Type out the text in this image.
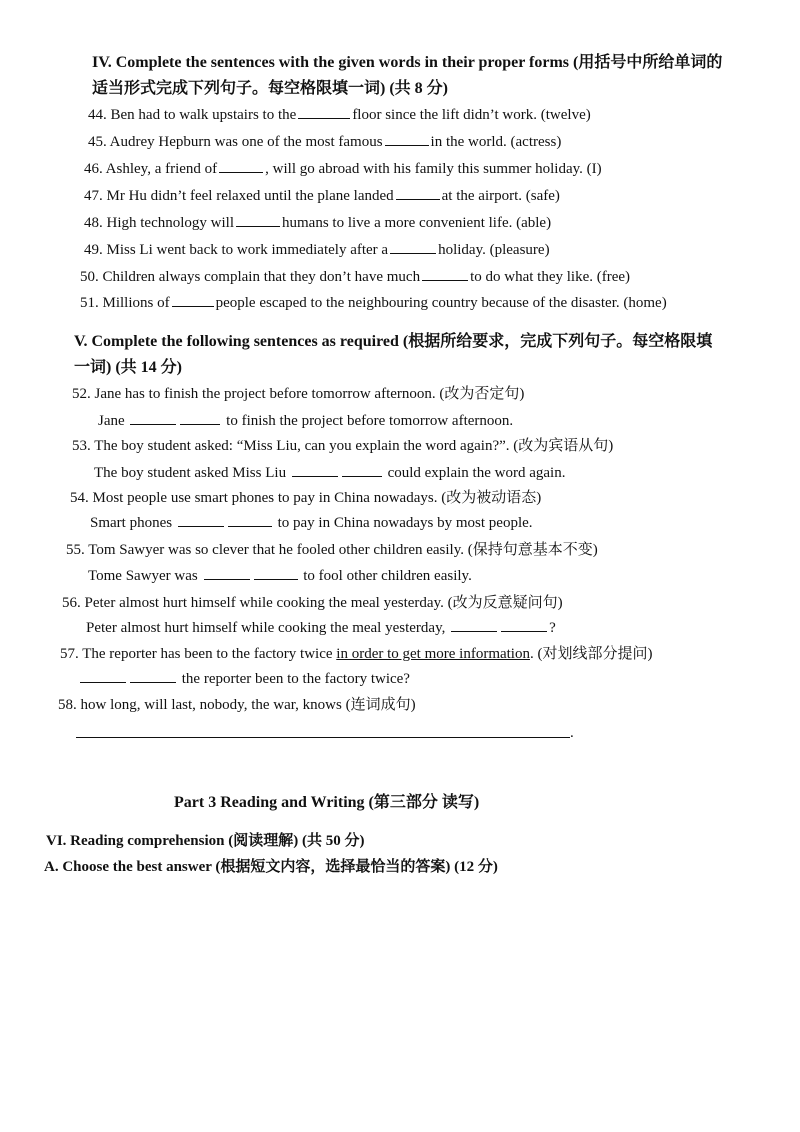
IV. Complete the sentences with the given words in their proper forms (用括号中所给单词的
适当形式完成下列句子。每空格限填一词) (共 8 分)
44. Ben had to walk upstairs to the	floor since the lift didn’t work. (twelve)
45. Audrey Hepburn was one of the most famous	in the world. (actress)
46. Ashley, a friend of	, will go abroad with his family this summer holiday. (I)
47. Mr Hu didn’t feel relaxed until the plane landed	at the airport. (safe)
48. High technology will	humans to live a more convenient life. (able)
49. Miss Li went back to work immediately after a	holiday. (pleasure)
50. Children always complain that they don’t have much	to do what they like. (free)
51. Millions of	people escaped to the neighbouring country because of the disaster. (home)
V. Complete the following sentences as required (根据所给要求，完成下列句子。每空格限填
一词) (共 14 分)
52. Jane has to finish the project before tomorrow afternoon. (改为否定句)
Jane	to finish the project before tomorrow afternoon.
53. The boy student asked: “Miss Liu, can you explain the word again?”. (改为宾语从句)
The boy student asked Miss Liu	could explain the word again.
54. Most people use smart phones to pay in China nowadays. (改为被动语态)
Smart phones	to pay in China nowadays by most people.
55. Tom Sawyer was so clever that he fooled other children easily. (保持句意基本不变)
Tome Sawyer was	to fool other children easily.
56. Peter almost hurt himself while cooking the meal yesterday. (改为反意疑问句)
Peter almost hurt himself while cooking the meal yesterday,	?
57. The reporter has been to the factory twice in order to get more information. (对划线部分提问)
the reporter been to the factory twice?
58. how long, will last, nobody, the war, knows (连词成句)
.
Part 3 Reading and Writing (第三部分 读写)
VI. Reading comprehension (阅读理解) (共 50 分)
A. Choose the best answer (根据短文内容，选择最恰当的答案) (12 分)
